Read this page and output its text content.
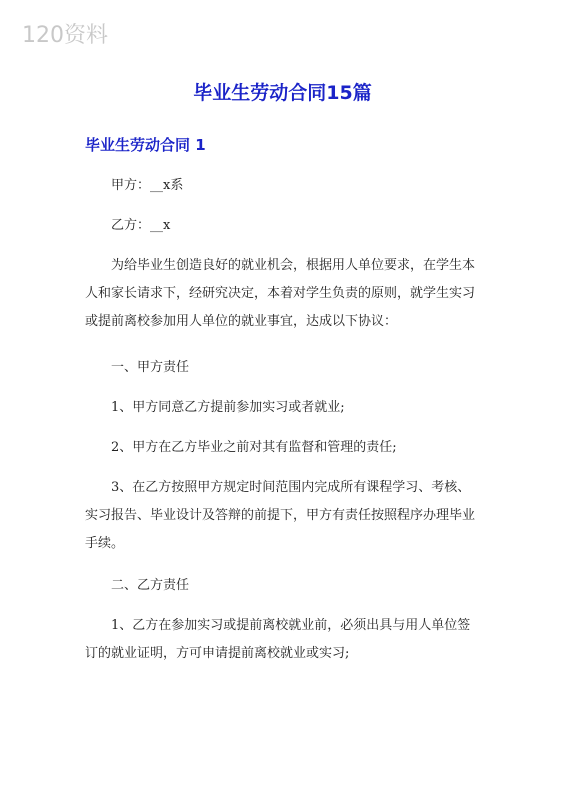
120资料
毕业生劳动合同15篇
毕业生劳动合同 1

甲方：__x系

乙方：__x

为给毕业生创造良好的就业机会，根据用人单位要求，在学生本人和家长请求下，经研究决定，本着对学生负责的原则，就学生实习或提前离校参加用人单位的就业事宜，达成以下协议：

一、甲方责任

1、甲方同意乙方提前参加实习或者就业;

2、甲方在乙方毕业之前对其有监督和管理的责任;

3、在乙方按照甲方规定时间范围内完成所有课程学习、考核、实习报告、毕业设计及答辩的前提下，甲方有责任按照程序办理毕业手续。

二、乙方责任

1、乙方在参加实习或提前离校就业前，必须出具与用人单位签订的就业证明，方可申请提前离校就业或实习;
